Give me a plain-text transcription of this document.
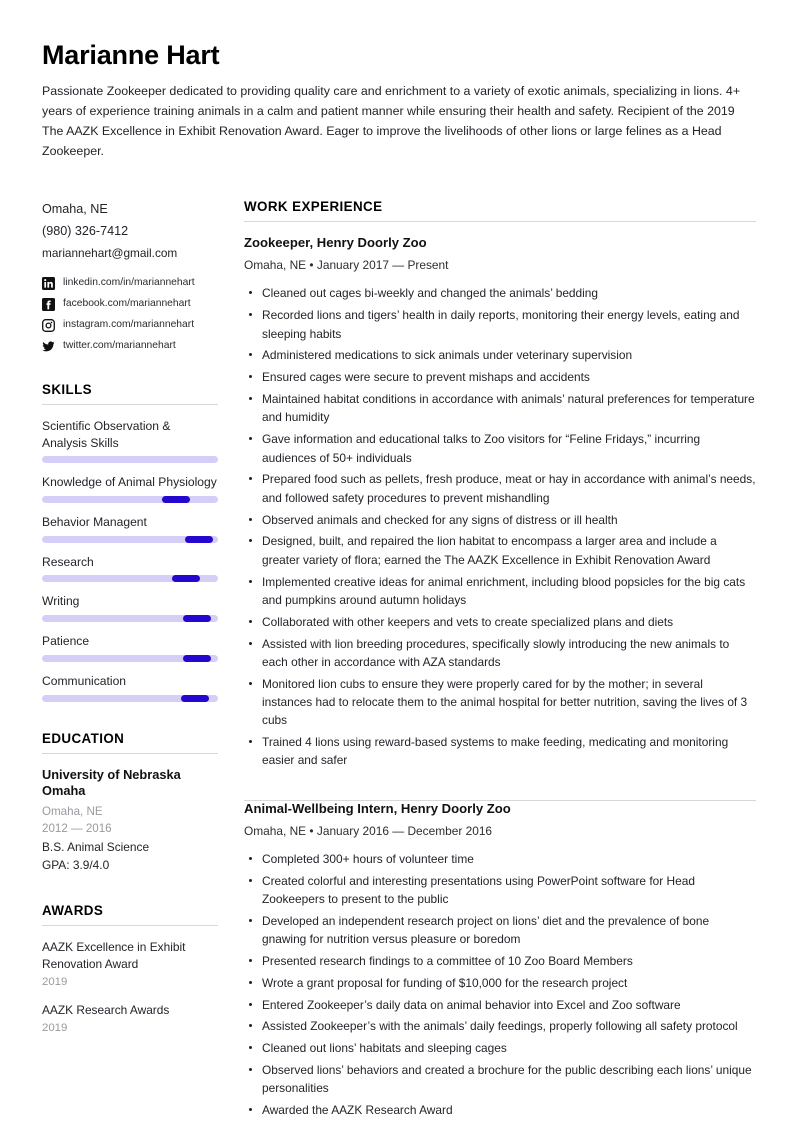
Marianne Hart

Passionate Zookeeper dedicated to providing quality care and enrichment to a variety of exotic animals, specializing in lions. 4+ years of experience training animals in a calm and patient manner while ensuring their health and safety. Recipient of the 2019 The AAZK Excellence in Exhibit Renovation Award. Eager to improve the livelihoods of other lions or large felines as a Head Zookeeper.

Omaha, NE
(980) 326-7412
mariannehart@gmail.com
linkedin.com/in/mariannehart
facebook.com/mariannehart
instagram.com/mariannehart
twitter.com/mariannehart
SKILLS
Scientific Observation & Analysis Skills
Knowledge of Animal Physiology
Behavior Managent
Research
Writing
Patience
Communication
EDUCATION
University of Nebraska Omaha
Omaha, NE
2012 — 2016
B.S. Animal Science
GPA: 3.9/4.0
AWARDS
AAZK Excellence in Exhibit Renovation Award
2019
AAZK Research Awards
2019
WORK EXPERIENCE
Zookeeper, Henry Doorly Zoo
Omaha, NE • January 2017 — Present
Cleaned out cages bi-weekly and changed the animals’ bedding
Recorded lions and tigers’ health in daily reports, monitoring their energy levels, eating and sleeping habits
Administered medications to sick animals under veterinary supervision
Ensured cages were secure to prevent mishaps and accidents
Maintained habitat conditions in accordance with animals’ natural preferences for temperature and humidity
Gave information and educational talks to Zoo visitors for “Feline Fridays,” incurring audiences of 50+ individuals
Prepared food such as pellets, fresh produce, meat or hay in accordance with animal’s needs, and followed safety procedures to prevent mishandling
Observed animals and checked for any signs of distress or ill health
Designed, built, and repaired the lion habitat to encompass a larger area and include a greater variety of flora; earned the The AAZK Excellence in Exhibit Renovation Award
Implemented creative ideas for animal enrichment, including blood popsicles for the big cats and pumpkins around autumn holidays
Collaborated with other keepers and vets to create specialized plans and diets
Assisted with lion breeding procedures, specifically slowly introducing the new animals to each other in accordance with AZA standards
Monitored lion cubs to ensure they were properly cared for by the mother; in several instances had to relocate them to the animal hospital for better nutrition, saving the lives of 3 cubs
Trained 4 lions using reward-based systems to make feeding, medicating and monitoring easier and safer
Animal-Wellbeing Intern, Henry Doorly Zoo
Omaha, NE • January 2016 — December 2016
Completed 300+ hours of volunteer time
Created colorful and interesting presentations using PowerPoint software for Head Zookeepers to present to the public
Developed an independent research project on lions’ diet and the prevalence of bone gnawing for nutrition versus pleasure or boredom
Presented research findings to a committee of 10 Zoo Board Members
Wrote a grant proposal for funding of $10,000 for the research project
Entered Zookeeper’s daily data on animal behavior into Excel and Zoo software
Assisted Zookeeper’s with the animals’ daily feedings, properly following all safety protocol
Cleaned out lions’ habitats and sleeping cages
Observed lions’ behaviors and created a brochure for the public describing each lions’ unique personalities
Awarded the AAZK Research Award
